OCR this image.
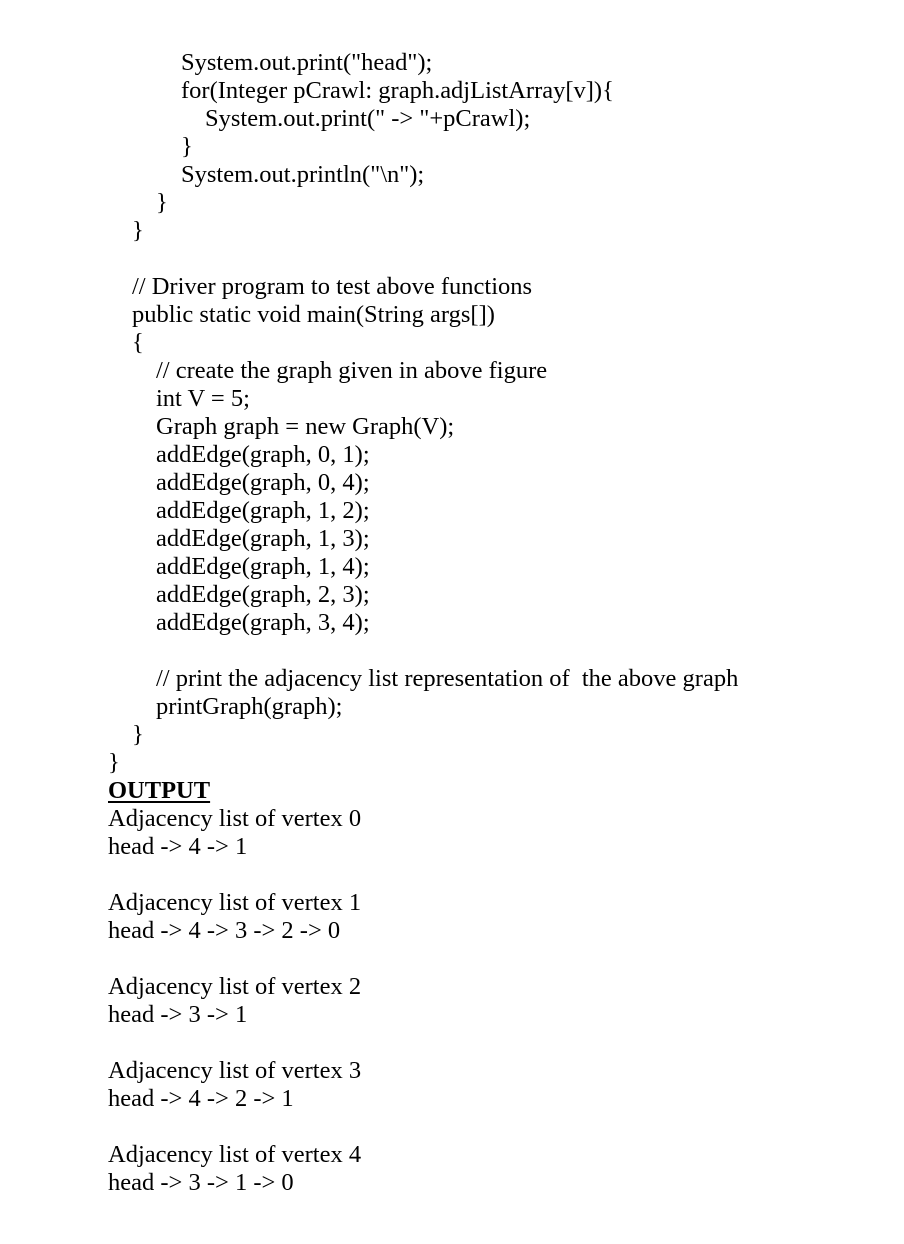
System.out.print("head");
for(Integer pCrawl: graph.adjListArray[v]){
System.out.print(" -> "+pCrawl);
}
System.out.println("\n");
}
}
// Driver program to test above functions
public static void main(String args[])
{
// create the graph given in above figure
int V = 5;
Graph graph = new Graph(V);
addEdge(graph, 0, 1);
addEdge(graph, 0, 4);
addEdge(graph, 1, 2);
addEdge(graph, 1, 3);
addEdge(graph, 1, 4);
addEdge(graph, 2, 3);
addEdge(graph, 3, 4);
// print the adjacency list representation of  the above graph
printGraph(graph);
}
}
OUTPUT
Adjacency list of vertex 0
head -> 4 -> 1
Adjacency list of vertex 1
head -> 4 -> 3 -> 2 -> 0
Adjacency list of vertex 2
head -> 3 -> 1
Adjacency list of vertex 3
head -> 4 -> 2 -> 1
Adjacency list of vertex 4
head -> 3 -> 1 -> 0
